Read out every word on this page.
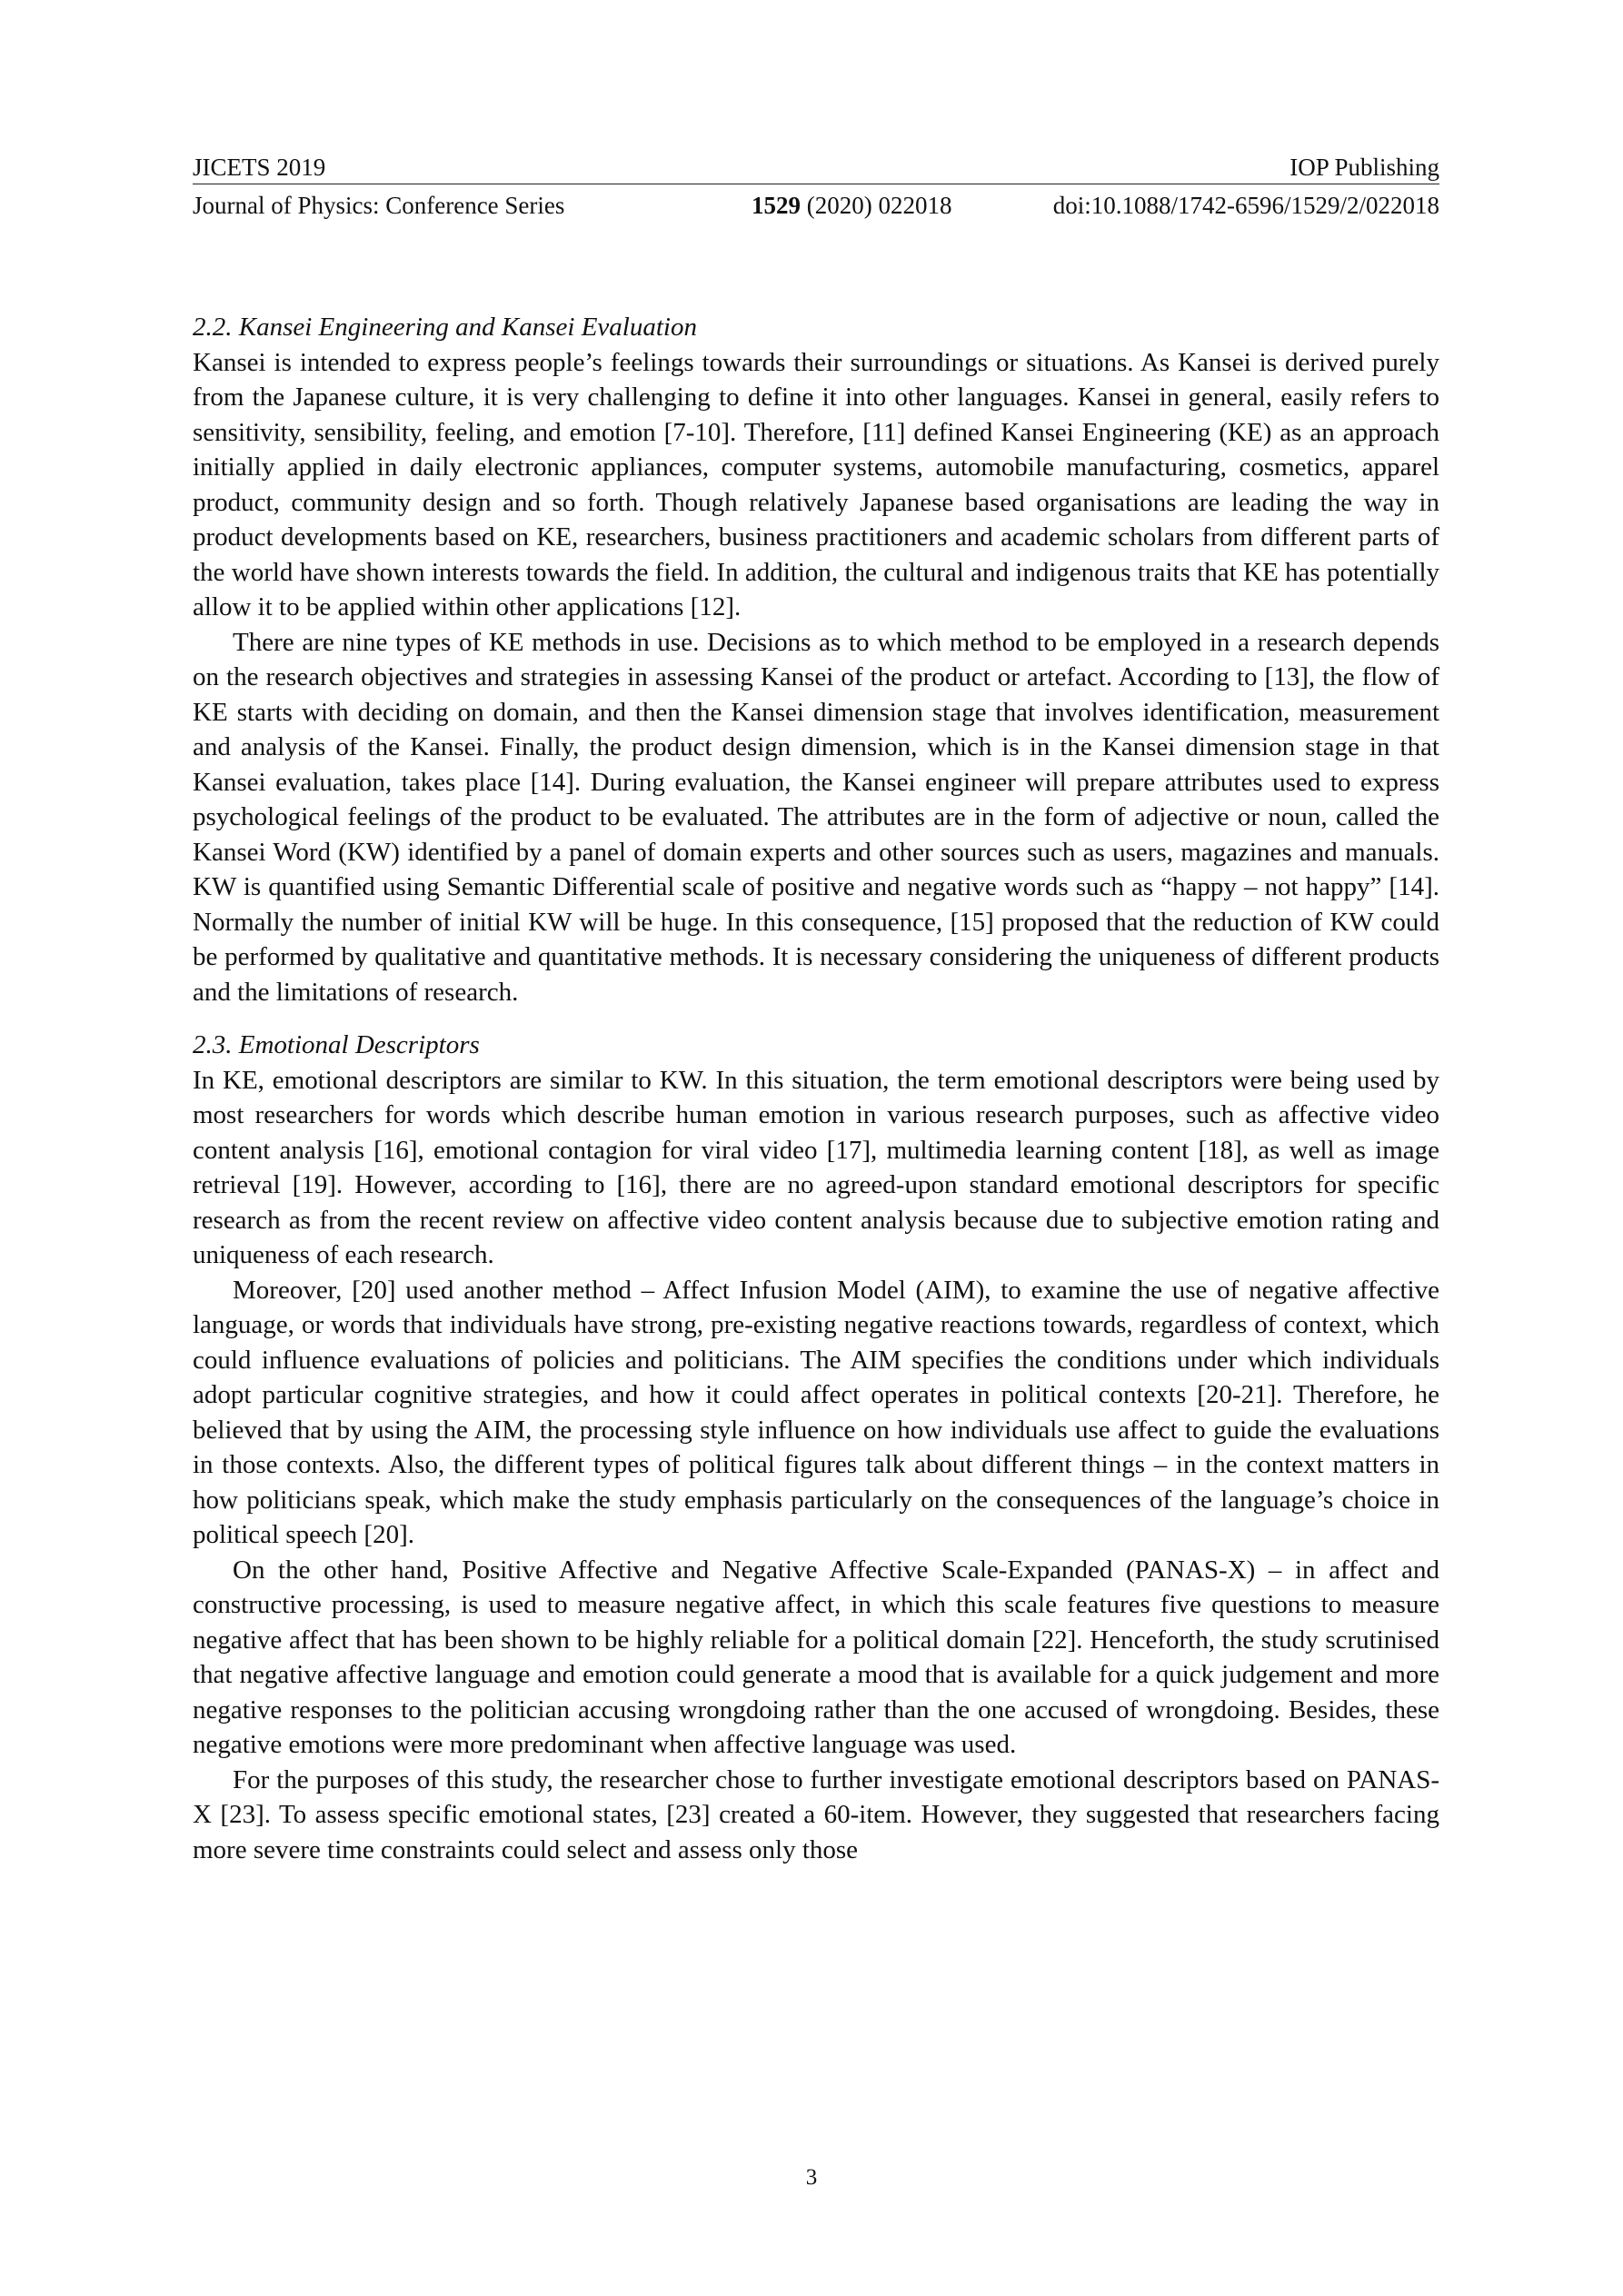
JICETS 2019	IOP Publishing
Journal of Physics: Conference Series	1529 (2020) 022018	doi:10.1088/1742-6596/1529/2/022018

2.2. Kansei Engineering and Kansei Evaluation

Kansei is intended to express people’s feelings towards their surroundings or situations. As Kansei is derived purely from the Japanese culture, it is very challenging to define it into other languages. Kansei in general, easily refers to sensitivity, sensibility, feeling, and emotion [7-10]. Therefore, [11] defined Kansei Engineering (KE) as an approach initially applied in daily electronic appliances, computer systems, automobile manufacturing, cosmetics, apparel product, community design and so forth. Though relatively Japanese based organisations are leading the way in product developments based on KE, researchers, business practitioners and academic scholars from different parts of the world have shown interests towards the field. In addition, the cultural and indigenous traits that KE has potentially allow it to be applied within other applications [12].

There are nine types of KE methods in use. Decisions as to which method to be employed in a research depends on the research objectives and strategies in assessing Kansei of the product or artefact. According to [13], the flow of KE starts with deciding on domain, and then the Kansei dimension stage that involves identification, measurement and analysis of the Kansei. Finally, the product design dimension, which is in the Kansei dimension stage in that Kansei evaluation, takes place [14]. During evaluation, the Kansei engineer will prepare attributes used to express psychological feelings of the product to be evaluated. The attributes are in the form of adjective or noun, called the Kansei Word (KW) identified by a panel of domain experts and other sources such as users, magazines and manuals. KW is quantified using Semantic Differential scale of positive and negative words such as “happy – not happy” [14]. Normally the number of initial KW will be huge. In this consequence, [15] proposed that the reduction of KW could be performed by qualitative and quantitative methods. It is necessary considering the uniqueness of different products and the limitations of research.

2.3. Emotional Descriptors

In KE, emotional descriptors are similar to KW. In this situation, the term emotional descriptors were being used by most researchers for words which describe human emotion in various research purposes, such as affective video content analysis [16], emotional contagion for viral video [17], multimedia learning content [18], as well as image retrieval [19]. However, according to [16], there are no agreed-upon standard emotional descriptors for specific research as from the recent review on affective video content analysis because due to subjective emotion rating and uniqueness of each research.

Moreover, [20] used another method – Affect Infusion Model (AIM), to examine the use of negative affective language, or words that individuals have strong, pre-existing negative reactions towards, regardless of context, which could influence evaluations of policies and politicians. The AIM specifies the conditions under which individuals adopt particular cognitive strategies, and how it could affect operates in political contexts [20-21]. Therefore, he believed that by using the AIM, the processing style influence on how individuals use affect to guide the evaluations in those contexts. Also, the different types of political figures talk about different things – in the context matters in how politicians speak, which make the study emphasis particularly on the consequences of the language’s choice in political speech [20].

On the other hand, Positive Affective and Negative Affective Scale-Expanded (PANAS-X) – in affect and constructive processing, is used to measure negative affect, in which this scale features five questions to measure negative affect that has been shown to be highly reliable for a political domain [22]. Henceforth, the study scrutinised that negative affective language and emotion could generate a mood that is available for a quick judgement and more negative responses to the politician accusing wrongdoing rather than the one accused of wrongdoing. Besides, these negative emotions were more predominant when affective language was used.

For the purposes of this study, the researcher chose to further investigate emotional descriptors based on PANAS-X [23]. To assess specific emotional states, [23] created a 60-item. However, they suggested that researchers facing more severe time constraints could select and assess only those

3
